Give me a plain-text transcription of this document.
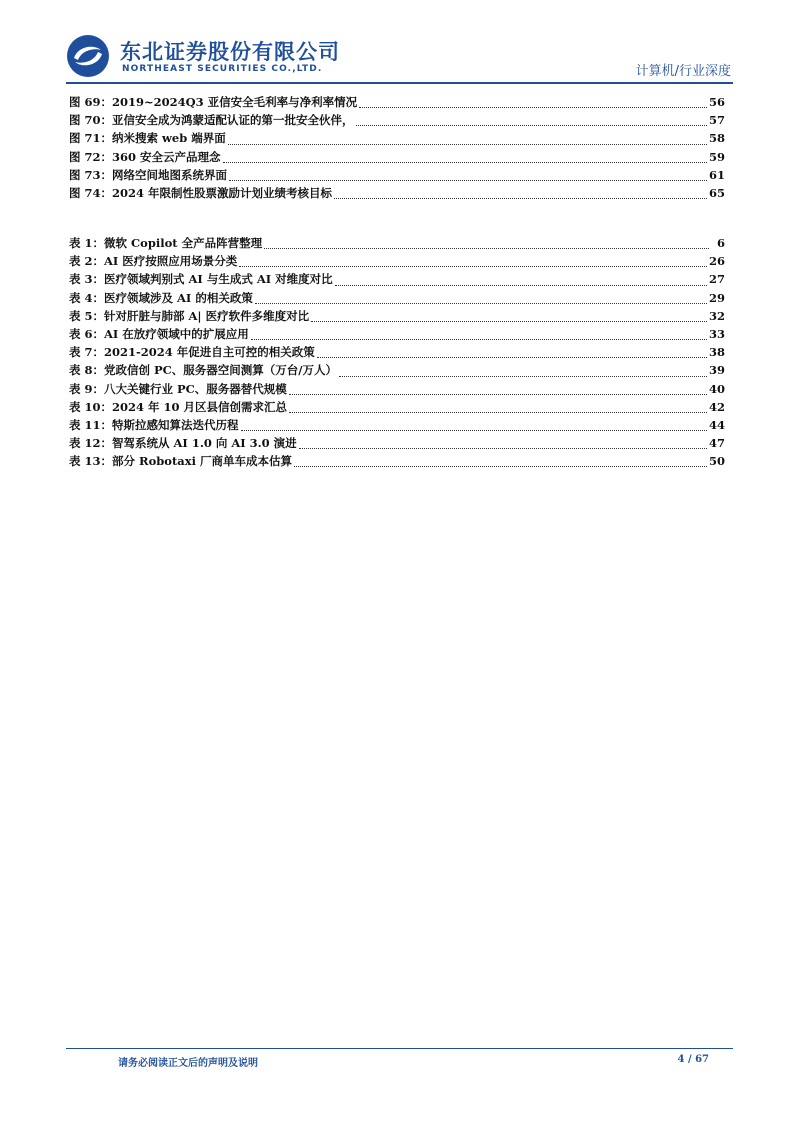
东北证券股份有限公司
NORTHEAST SECURITIES CO.,LTD.	计算机/行业深度
图 69：2019~2024Q3 亚信安全毛利率与净利率情况	56
图 70：亚信安全成为鸿蒙适配认证的第一批安全伙伴，	57
图 71：纳米搜索 web 端界面	58
图 72：360 安全云产品理念	59
图 73：网络空间地图系统界面	61
图 74：2024 年限制性股票激励计划业绩考核目标	65
表 1：微软 Copilot 全产品阵营整理	6
表 2：AI 医疗按照应用场景分类	26
表 3：医疗领域判别式 AI 与生成式 AI 对维度对比	27
表 4：医疗领域涉及 AI 的相关政策	29
表 5：针对肝脏与肺部 A| 医疗软件多维度对比	32
表 6：AI 在放疗领域中的扩展应用	33
表 7：2021-2024 年促进自主可控的相关政策	38
表 8：党政信创 PC、服务器空间测算（万台/万人）	39
表 9：八大关键行业 PC、服务器替代规模	40
表 10：2024 年 10 月区县信创需求汇总	42
表 11：特斯拉感知算法迭代历程	44
表 12：智驾系统从 AI 1.0 向 AI 3.0 演进	47
表 13：部分 Robotaxi 厂商单车成本估算	50
请务必阅读正文后的声明及说明	4 / 67
